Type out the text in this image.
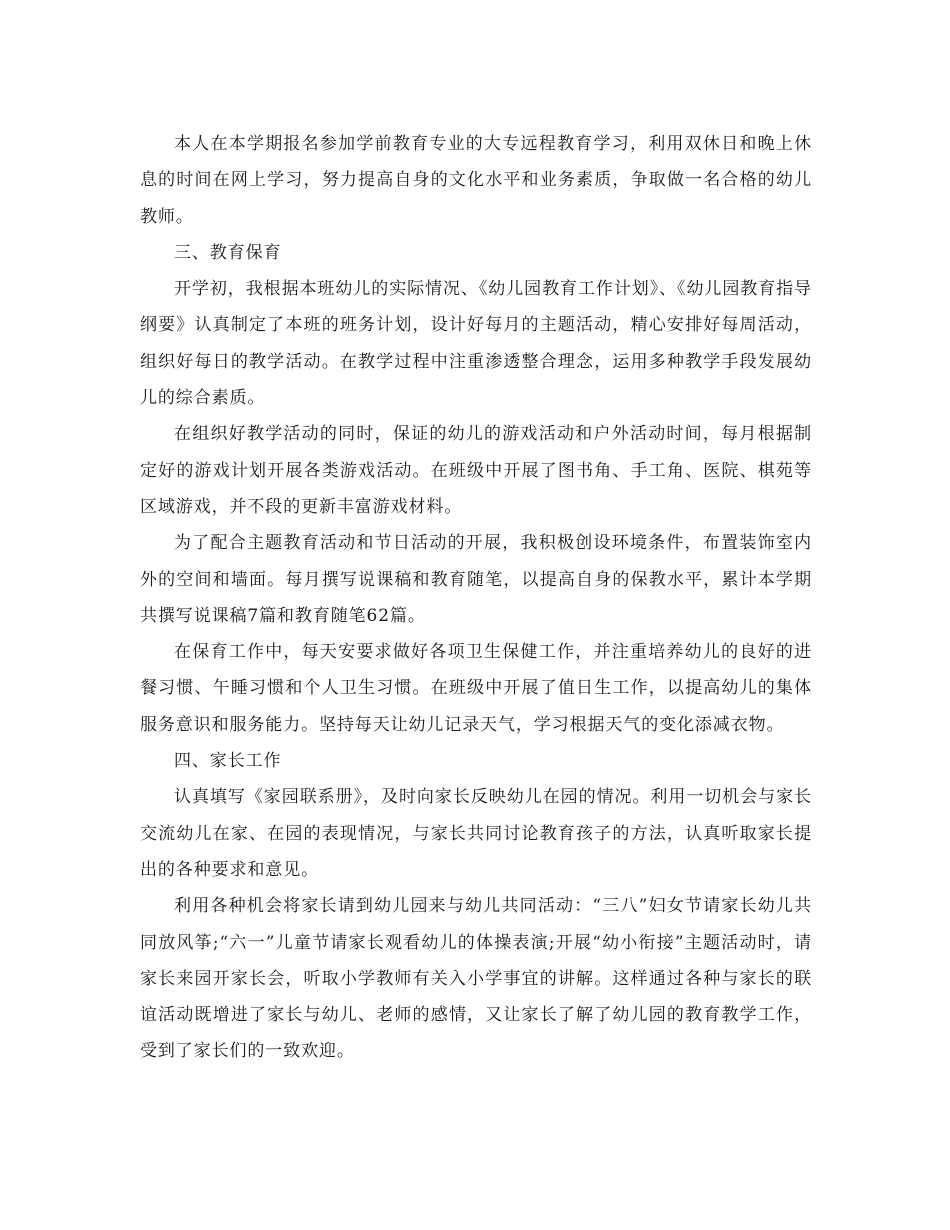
本人在本学期报名参加学前教育专业的大专远程教育学习，利用双休日和晚上休息的时间在网上学习，努力提高自身的文化水平和业务素质，争取做一名合格的幼儿教师。

三、教育保育

开学初，我根据本班幼儿的实际情况、《幼儿园教育工作计划》、《幼儿园教育指导纲要》认真制定了本班的班务计划，设计好每月的主题活动，精心安排好每周活动，组织好每日的教学活动。在教学过程中注重渗透整合理念，运用多种教学手段发展幼儿的综合素质。

在组织好教学活动的同时，保证的幼儿的游戏活动和户外活动时间，每月根据制定好的游戏计划开展各类游戏活动。在班级中开展了图书角、手工角、医院、棋苑等区域游戏，并不段的更新丰富游戏材料。

为了配合主题教育活动和节日活动的开展，我积极创设环境条件，布置装饰室内外的空间和墙面。每月撰写说课稿和教育随笔，以提高自身的保教水平，累计本学期共撰写说课稿7篇和教育随笔62篇。

在保育工作中，每天安要求做好各项卫生保健工作，并注重培养幼儿的良好的进餐习惯、午睡习惯和个人卫生习惯。在班级中开展了值日生工作，以提高幼儿的集体服务意识和服务能力。坚持每天让幼儿记录天气，学习根据天气的变化添减衣物。

四、家长工作

认真填写《家园联系册》，及时向家长反映幼儿在园的情况。利用一切机会与家长交流幼儿在家、在园的表现情况，与家长共同讨论教育孩子的方法，认真听取家长提出的各种要求和意见。

利用各种机会将家长请到幼儿园来与幼儿共同活动：“三八”妇女节请家长幼儿共同放风筝;“六一”儿童节请家长观看幼儿的体操表演;开展“幼小衔接”主题活动时，请家长来园开家长会，听取小学教师有关入小学事宜的讲解。这样通过各种与家长的联谊活动既增进了家长与幼儿、老师的感情，又让家长了解了幼儿园的教育教学工作，受到了家长们的一致欢迎。
